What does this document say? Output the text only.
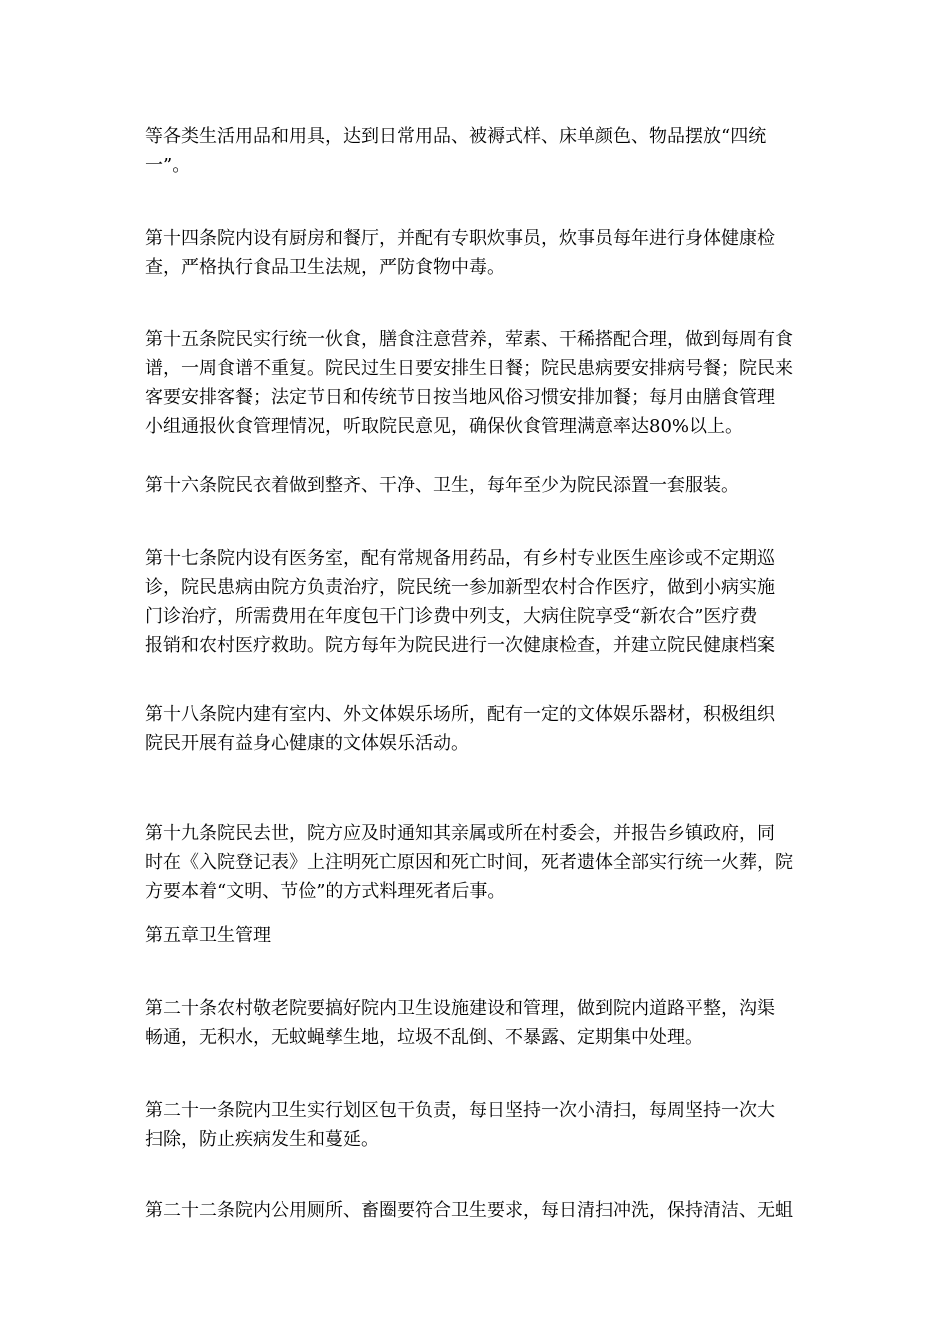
等各类生活用品和用具，达到日常用品、被褥式样、床单颜色、物品摆放“四统
一”。

第十四条院内设有厨房和餐厅，并配有专职炊事员，炊事员每年进行身体健康检
查，严格执行食品卫生法规，严防食物中毒。

第十五条院民实行统一伙食，膳食注意营养，荤素、干稀搭配合理，做到每周有食
谱，一周食谱不重复。院民过生日要安排生日餐；院民患病要安排病号餐；院民来
客要安排客餐；法定节日和传统节日按当地风俗习惯安排加餐；每月由膳食管理
小组通报伙食管理情况，听取院民意见，确保伙食管理满意率达80%以上。

第十六条院民衣着做到整齐、干净、卫生，每年至少为院民添置一套服装。

第十七条院内设有医务室，配有常规备用药品，有乡村专业医生座诊或不定期巡
诊，院民患病由院方负责治疗，院民统一参加新型农村合作医疗，做到小病实施
门诊治疗，所需费用在年度包干门诊费中列支，大病住院享受“新农合”医疗费
报销和农村医疗救助。院方每年为院民进行一次健康检查，并建立院民健康档案

第十八条院内建有室内、外文体娱乐场所，配有一定的文体娱乐器材，积极组织
院民开展有益身心健康的文体娱乐活动。

第十九条院民去世，院方应及时通知其亲属或所在村委会，并报告乡镇政府，同
时在《入院登记表》上注明死亡原因和死亡时间，死者遗体全部实行统一火葬，院
方要本着“文明、节俭”的方式料理死者后事。

第五章卫生管理

第二十条农村敬老院要搞好院内卫生设施建设和管理，做到院内道路平整，沟渠
畅通，无积水，无蚊蝇孳生地，垃圾不乱倒、不暴露、定期集中处理。

第二十一条院内卫生实行划区包干负责，每日坚持一次小清扫，每周坚持一次大
扫除，防止疾病发生和蔓延。

第二十二条院内公用厕所、畜圈要符合卫生要求，每日清扫冲洗，保持清洁、无蛆
